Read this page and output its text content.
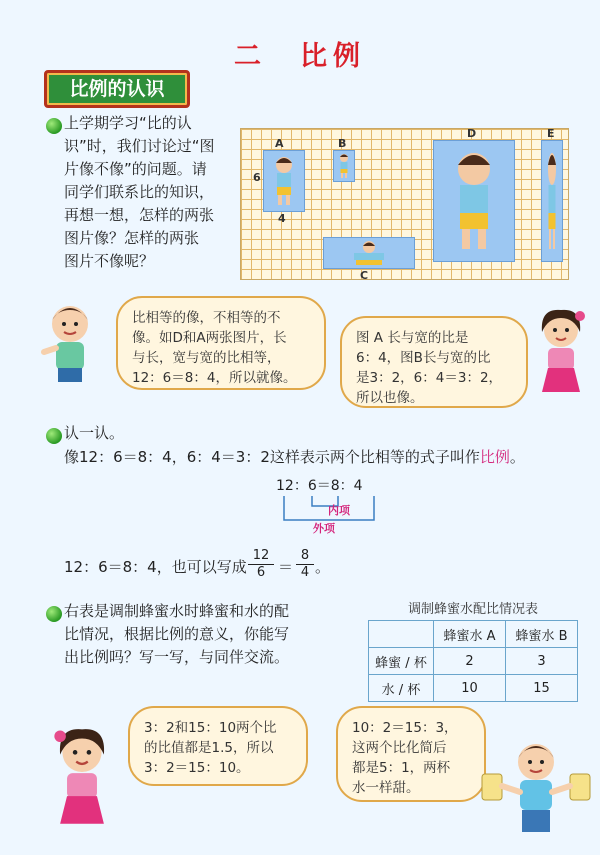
二　比例
比例的认识
上学期学习“比的认
识”时，我们讨论过“图
片像不像”的问题。请
同学们联系比的知识，
再想一想，怎样的两张
图片像？怎样的两张
图片不像呢？
A
6
4
B
C
D	E
比相等的像，不相等的不
像。如D和A两张图片，长
与长，宽与宽的比相等，
12：6＝8：4，所以就像。
图 A 长与宽的比是
6：4，图B长与宽的比
是3：2，6：4＝3：2，
所以也像。
认一认。
像12：6＝8：4，6：4＝3：2这样表示两个比相等的式子叫作比例。
12：6＝8：4
内项
外项
12：6＝8：4，也可以写成 $\frac{12}{6} = \frac{8}{4}$ 。
右表是调制蜂蜜水时蜂蜜和水的配
比情况，根据比例的意义，你能写
出比例吗？写一写，与同伴交流。
调制蜂蜜水配比情况表
	蜂蜜水 A	蜂蜜水 B
蜂蜜 / 杯	2	3
水 / 杯	10	15
3：2和15：10两个比
的比值都是1.5，所以
3：2＝15：10。
10：2＝15：3，
这两个比化简后
都是5：1，两杯
水一样甜。
